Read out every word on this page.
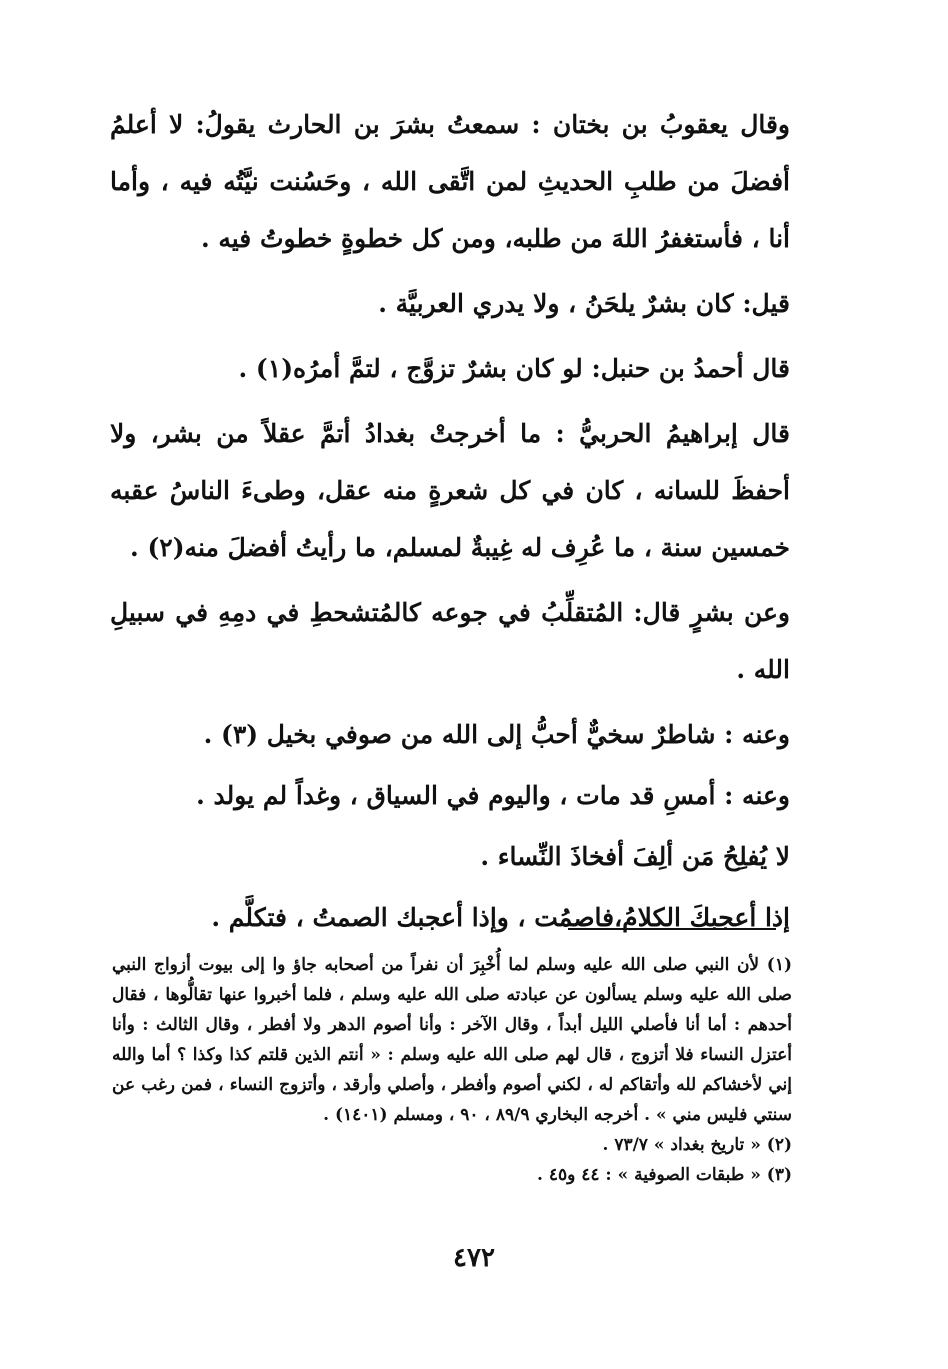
وقال يعقوبُ بن بختان : سمعتُ بشرَ بن الحارث يقولُ: لا أعلمُ أفضلَ من طلبِ الحديثِ لمن اتَّقى الله ، وحَسُنت نيَّتُه فيه ، وأما أنا ، فأستغفرُ اللهَ من طلبه، ومن كل خطوةٍ خطوتُ فيه .

قيل: كان بشرٌ يلحَنُ ، ولا يدري العربيَّة .

قال أحمدُ بن حنبل: لو كان بشرٌ تزوَّج ، لتمَّ أمرُه(١) .

قال إبراهيمُ الحربيُّ : ما أخرجتْ بغدادُ أتمَّ عقلاً من بشر، ولا أحفظَ للسانه ، كان في كل شعرةٍ منه عقل، وطىءَ الناسُ عقبه خمسين سنة ، ما عُرِف له غِيبةٌ لمسلم، ما رأيتُ أفضلَ منه(٢) .

وعن بشرٍ قال: المُتقلِّبُ في جوعه كالمُتشحطِ في دمِهِ في سبيلِ الله .

وعنه : شاطرٌ سخيٌّ أحبُّ إلى الله من صوفي بخيل (٣) .

وعنه : أمسِ قد مات ، واليوم في السياق ، وغداً لم يولد .

لا يُفلِحُ مَن ألِفَ أفخاذَ النِّساء .

إذا أعجبكَ الكلامُ،فاصمُت ، وإذا أعجبك الصمتُ ، فتكلَّم .

(١) لأن النبي صلى الله عليه وسلم لما أُخْبِرَ أن نفراً من أصحابه جاؤ وا إلى بيوت أزواج النبي صلى الله عليه وسلم يسألون عن عبادته صلى الله عليه وسلم ، فلما أخبروا عنها تقالُّوها ، فقال أحدهم : أما أنا فأصلي الليل أبداً ، وقال الآخر : وأنا أصوم الدهر ولا أفطر ، وقال الثالث : وأنا أعتزل النساء فلا أتزوج ، قال لهم صلى الله عليه وسلم : « أنتم الذين قلتم كذا وكذا ؟ أما والله إني لأخشاكم لله وأتقاكم له ، لكني أصوم وأفطر ، وأصلي وأرقد ، وأتزوج النساء ، فمن رغب عن سنتي فليس مني » . أخرجه البخاري ٨٩/٩ ، ٩٠ ، ومسلم (١٤٠١) .

(٢) « تاريخ بغداد » ٧٣/٧ .

(٣) « طبقات الصوفية » : ٤٤ و٤٥ .

٤٧٢
